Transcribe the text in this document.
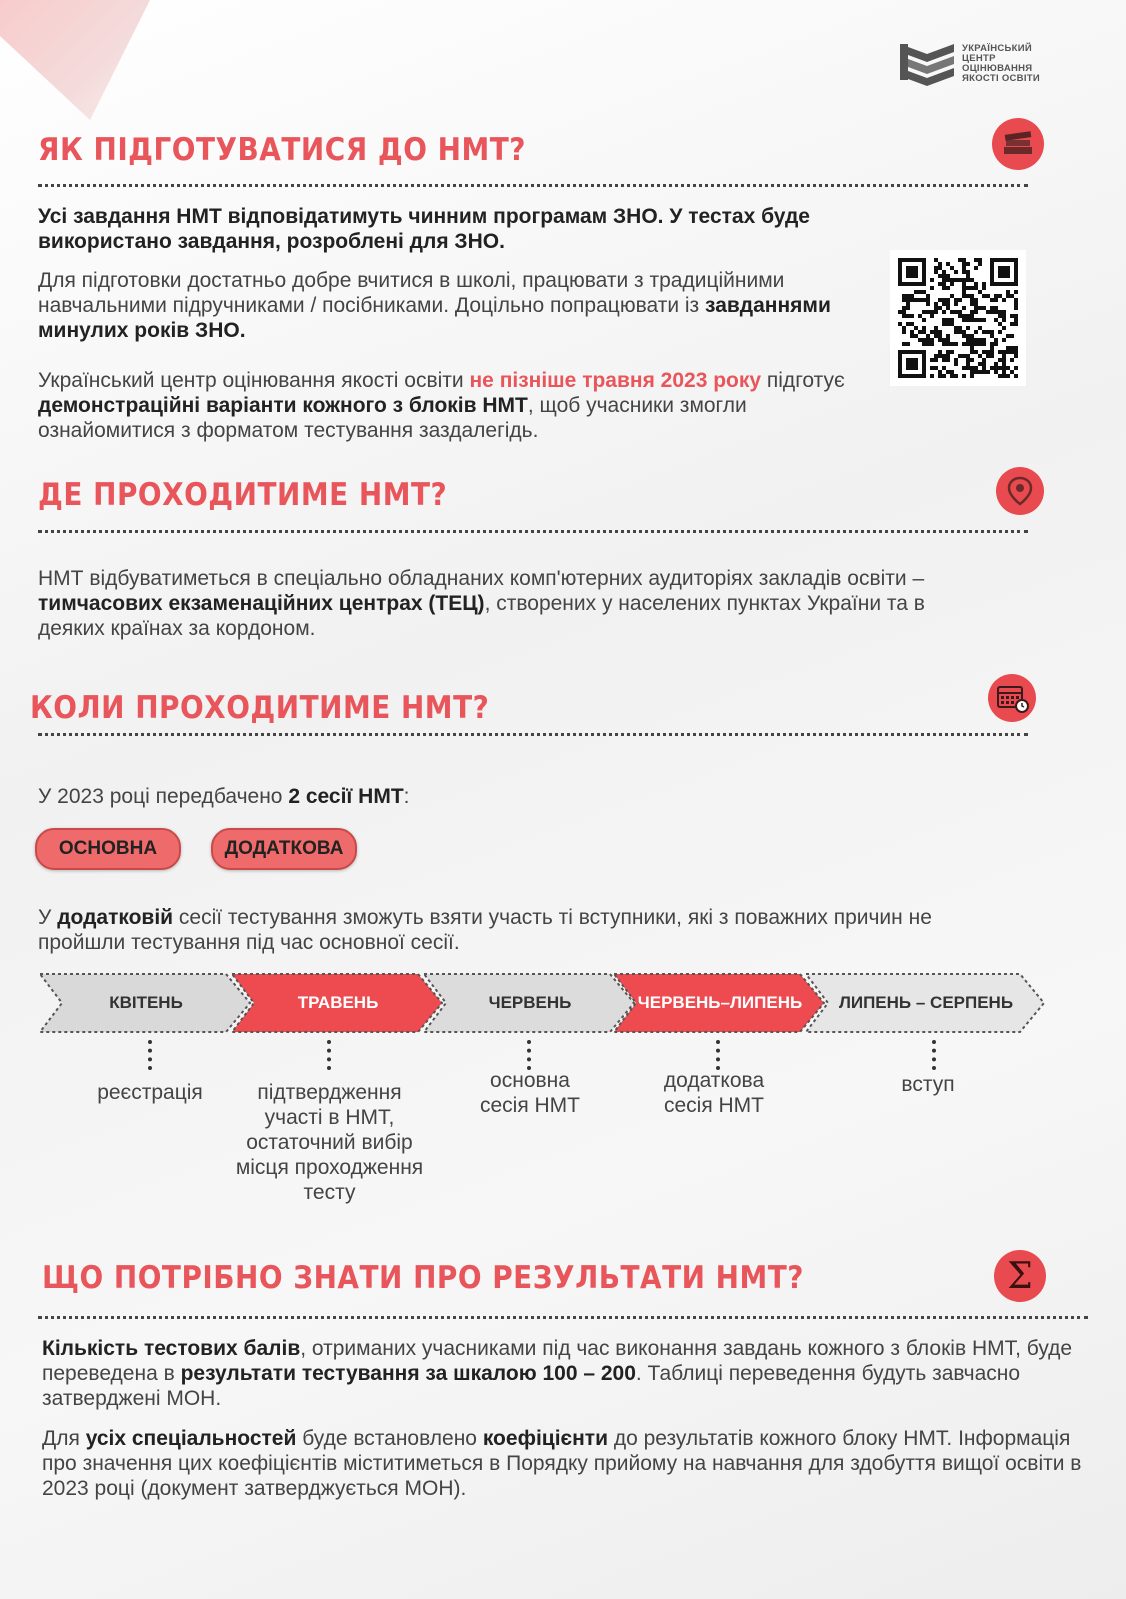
УКРАЇНСЬКИЙ
ЦЕНТР
ОЦІНЮВАННЯ
ЯКОСТІ ОСВІТИ
ЯК ПІДГОТУВАТИСЯ ДО НМТ?
Усі завдання НМТ відповідатимуть чинним програмам ЗНО. У тестах буде використано завдання, розроблені для ЗНО.
Для підготовки достатньо добре вчитися в школі, працювати з традиційними навчальними підручниками / посібниками. Доцільно попрацювати із завданнями минулих років ЗНО.
Український центр оцінювання якості освіти не пізніше травня 2023 року підготує демонстраційні варіанти кожного з блоків НМТ, щоб учасники змогли ознайомитися з форматом тестування заздалегідь.
ДЕ ПРОХОДИТИМЕ НМТ?
НМТ відбуватиметься в спеціально обладнаних комп'ютерних аудиторіях закладів освіти – тимчасових екзаменаційних центрах (ТЕЦ), створених у населених пунктах України та в деяких країнах за кордоном.
КОЛИ ПРОХОДИТИМЕ НМТ?
У 2023 році передбачено 2 сесії НМТ:
ОСНОВНА	ДОДАТКОВА
У додатковій сесії тестування зможуть взяти участь ті вступники, які з поважних причин не пройшли тестування під час основної сесії.
КВІТЕНЬ	ТРАВЕНЬ	ЧЕРВЕНЬ	ЧЕРВЕНЬ–ЛИПЕНЬ ЛИПЕНЬ – СЕРПЕНЬ
реєстрація	підтвердження
участі в НМТ,
остаточний вибір
місця проходження
тесту
основна
сесія НМТ
додаткова
сесія НМТ
вступ
ЩО ПОТРІБНО ЗНАТИ ПРО РЕЗУЛЬТАТИ НМТ?	Σ
Кількість тестових балів, отриманих учасниками під час виконання завдань кожного з блоків НМТ, буде переведена в результати тестування за шкалою 100 – 200. Таблиці переведення будуть завчасно затверджені МОН.
Для усіх спеціальностей буде встановлено коефіцієнти до результатів кожного блоку НМТ. Інформація про значення цих коефіцієнтів міститиметься в Порядку прийому на навчання для здобуття вищої освіти в 2023 році (документ затверджується МОН).
